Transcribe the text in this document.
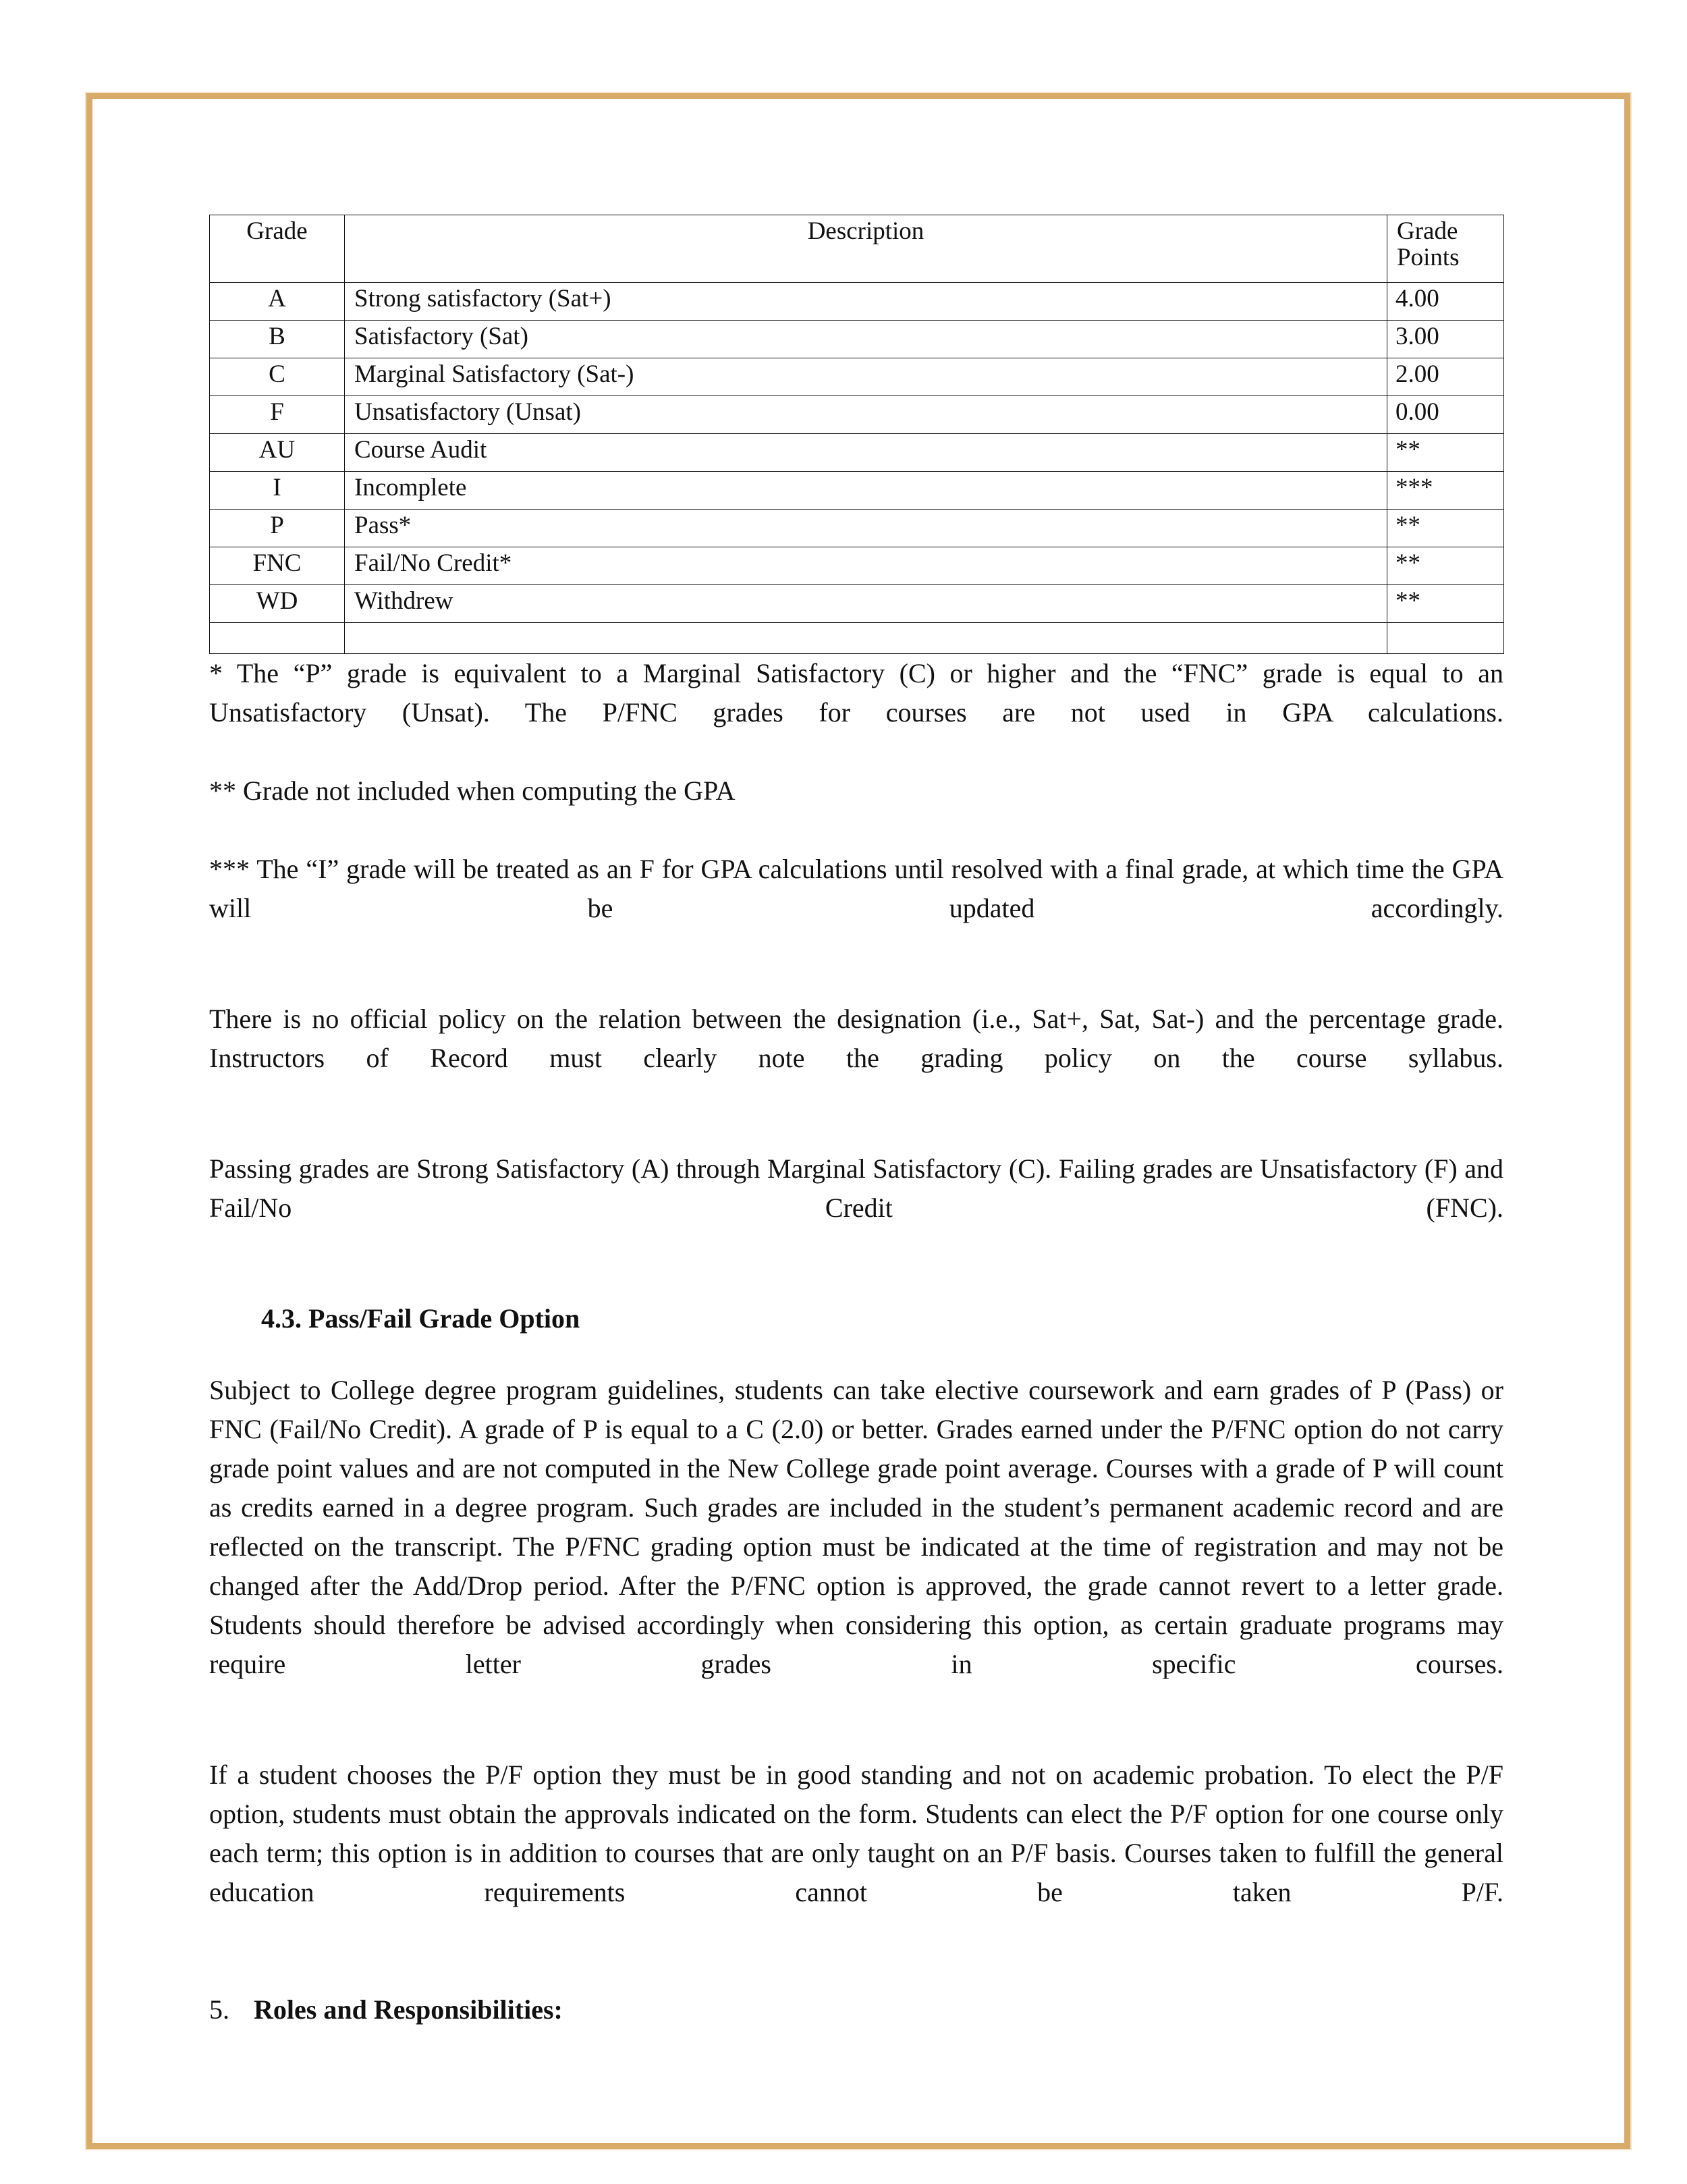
Grade	Description	Grade
Points
A	Strong satisfactory (Sat+)	4.00
B	Satisfactory (Sat)	3.00
C	Marginal Satisfactory (Sat-)	2.00
F	Unsatisfactory (Unsat)	0.00
AU	Course Audit	**
I	Incomplete	***
P	Pass*	**
FNC	Fail/No Credit*	**
WD	Withdrew	**

* The “P” grade is equivalent to a Marginal Satisfactory (C) or higher and the “FNC” grade is equal to an Unsatisfactory (Unsat). The P/FNC grades for courses are not used in GPA calculations.

** Grade not included when computing the GPA

*** The “I” grade will be treated as an F for GPA calculations until resolved with a final grade, at which time the GPA will be updated accordingly.

There is no official policy on the relation between the designation (i.e., Sat+, Sat, Sat-) and the percentage grade. Instructors of Record must clearly note the grading policy on the course syllabus.

Passing grades are Strong Satisfactory (A) through Marginal Satisfactory (C). Failing grades are Unsatisfactory (F) and Fail/No Credit (FNC).

4.3. Pass/Fail Grade Option

Subject to College degree program guidelines, students can take elective coursework and earn grades of P (Pass) or FNC (Fail/No Credit). A grade of P is equal to a C (2.0) or better. Grades earned under the P/FNC option do not carry grade point values and are not computed in the New College grade point average. Courses with a grade of P will count as credits earned in a degree program. Such grades are included in the student’s permanent academic record and are reflected on the transcript. The P/FNC grading option must be indicated at the time of registration and may not be changed after the Add/Drop period. After the P/FNC option is approved, the grade cannot revert to a letter grade. Students should therefore be advised accordingly when considering this option, as certain graduate programs may require letter grades in specific courses.

If a student chooses the P/F option they must be in good standing and not on academic probation. To elect the P/F option, students must obtain the approvals indicated on the form. Students can elect the P/F option for one course only each term; this option is in addition to courses that are only taught on an P/F basis. Courses taken to fulfill the general education requirements cannot be taken P/F.

5. Roles and Responsibilities:
